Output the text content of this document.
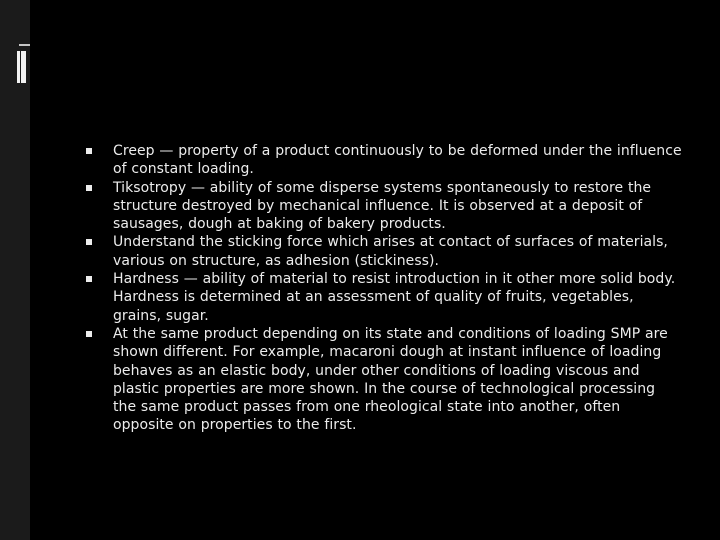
Creep — property of a product continuously to be deformed under the influence of constant loading.
Tiksotropy — ability of some disperse systems spontaneously to restore the structure destroyed by mechanical influence. It is observed at a deposit of sausages, dough at baking of bakery products.
Understand the sticking force which arises at contact of surfaces of materials, various on structure, as adhesion (stickiness).
Hardness — ability of material to resist introduction in it other more solid body. Hardness is determined at an assessment of quality of fruits, vegetables, grains, sugar.
At the same product depending on its state and conditions of loading SMP are shown different. For example, macaroni dough at instant influence of loading behaves as an elastic body, under other conditions of loading viscous and plastic properties are more shown. In the course of technological processing the same product passes from one rheological state into another, often opposite on properties to the first.
